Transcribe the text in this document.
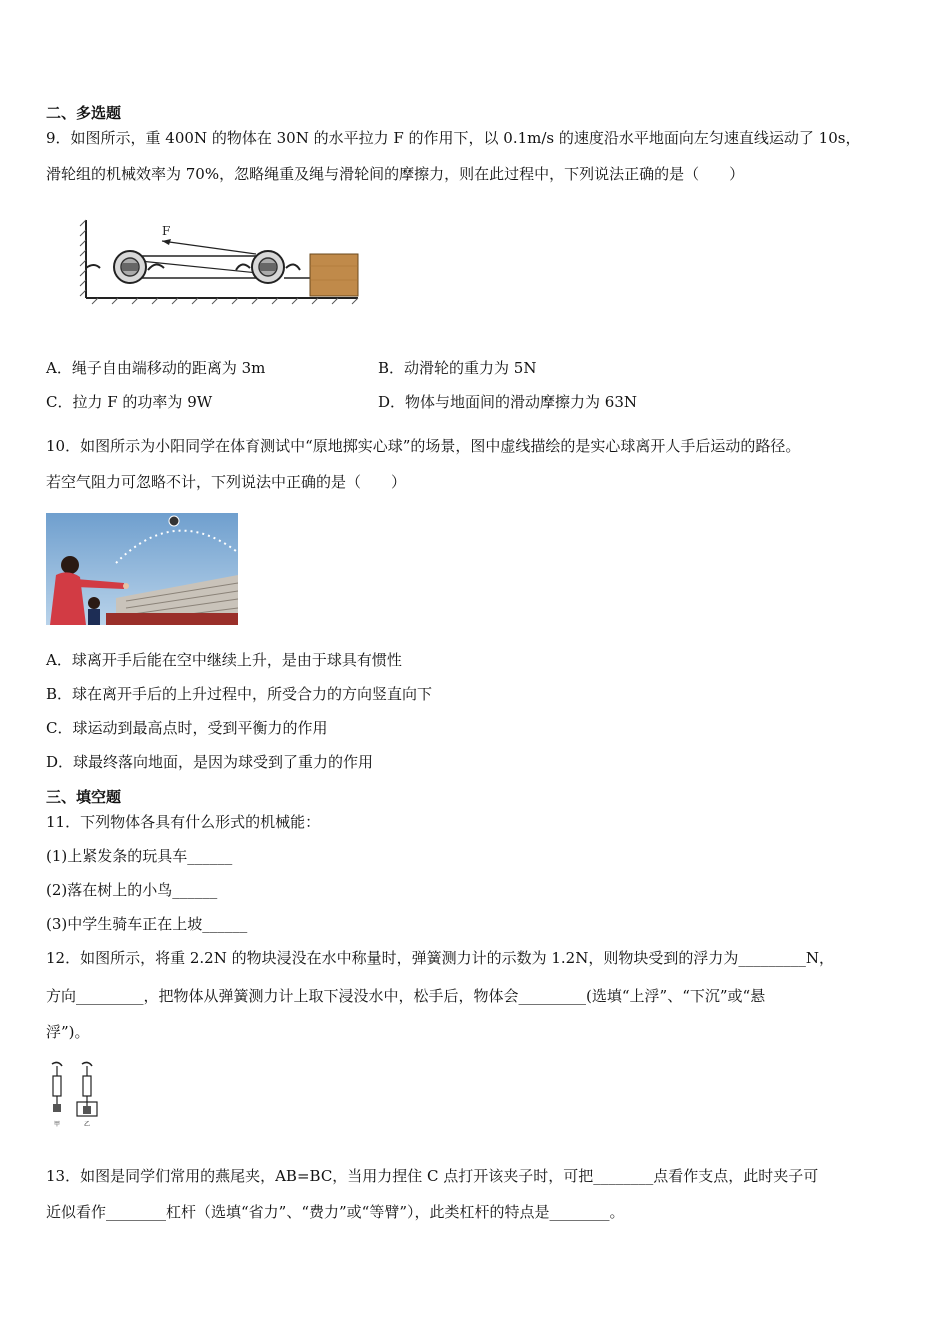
二、多选题
9．如图所示，重 400N 的物体在 30N 的水平拉力 F 的作用下，以 0.1m/s 的速度沿水平地面向左匀速直线运动了 10s，
滑轮组的机械效率为 70%，忽略绳重及绳与滑轮间的摩擦力，则在此过程中，下列说法正确的是（　　）
F
A．绳子自由端移动的距离为 3m	B．动滑轮的重力为 5N
C．拉力 F 的功率为 9W	D．物体与地面间的滑动摩擦力为 63N
10．如图所示为小阳同学在体育测试中“原地掷实心球”的场景，图中虚线描绘的是实心球离开人手后运动的路径。
若空气阻力可忽略不计，下列说法中正确的是（　　）
A．球离开手后能在空中继续上升，是由于球具有惯性
B．球在离开手后的上升过程中，所受合力的方向竖直向下
C．球运动到最高点时，受到平衡力的作用
D．球最终落向地面，是因为球受到了重力的作用
三、填空题
11．下列物体各具有什么形式的机械能：
(1)上紧发条的玩具车______
(2)落在树上的小鸟______
(3)中学生骑车正在上坡______
12．如图所示，将重 2.2N 的物块浸没在水中称量时，弹簧测力计的示数为 1.2N，则物块受到的浮力为_________N，
方向_________，把物体从弹簧测力计上取下浸没水中，松手后，物体会_________(选填“上浮”、“下沉”或“悬
浮”)。
甲	乙
13．如图是同学们常用的燕尾夹，AB=BC，当用力捏住 C 点打开该夹子时，可把________点看作支点，此时夹子可
近似看作________杠杆（选填“省力”、“费力”或“等臂”），此类杠杆的特点是________。
